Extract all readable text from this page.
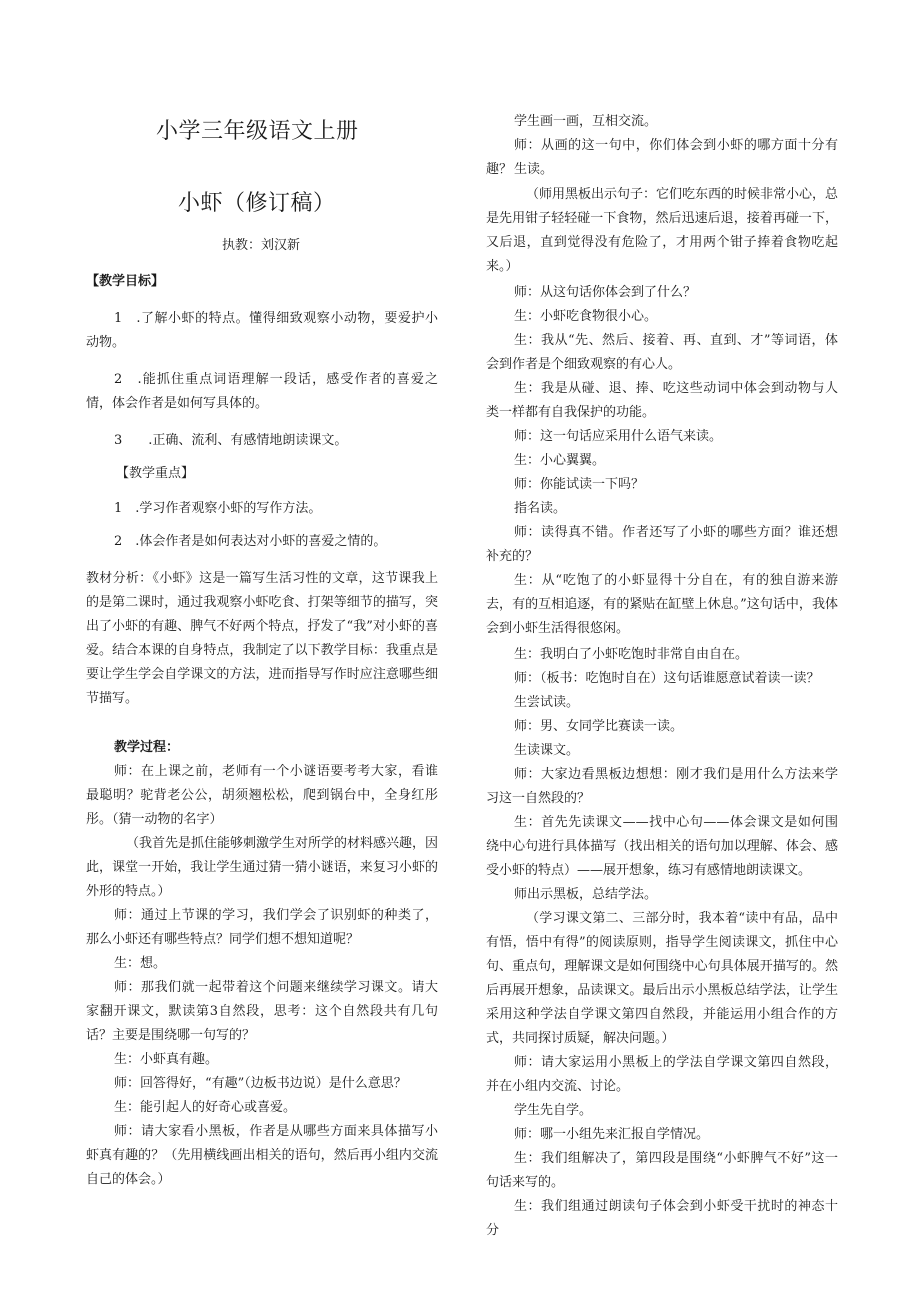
小学三年级语文上册
小虾（修订稿）

执教：刘汉新

【教学目标】

1　.了解小虾的特点。懂得细致观察小动物，要爱护小动物。

2　.能抓住重点词语理解一段话，感受作者的喜爱之情，体会作者是如何写具体的。

3　　.正确、流利、有感情地朗读课文。

【教学重点】

1　.学习作者观察小虾的写作方法。

2　.体会作者是如何表达对小虾的喜爱之情的。

教材分析：《小虾》这是一篇写生活习性的文章，这节课我上的是第二课时，通过我观察小虾吃食、打架等细节的描写，突出了小虾的有趣、脾气不好两个特点，抒发了“我”对小虾的喜爱。结合本课的自身特点，我制定了以下教学目标：我重点是要让学生学会自学课文的方法，进而指导写作时应注意哪些细节描写。

教学过程：

师：在上课之前，老师有一个小谜语要考考大家，看谁最聪明？驼背老公公，胡须翘松松，爬到锅台中，全身红彤彤。（猜一动物的名字）

（我首先是抓住能够刺激学生对所学的材料感兴趣，因此，课堂一开始，我让学生通过猜一猜小谜语，来复习小虾的外形的特点。）

师：通过上节课的学习，我们学会了识别虾的种类了，那么小虾还有哪些特点？同学们想不想知道呢？

生：想。

师：那我们就一起带着这个问题来继续学习课文。请大家翻开课文，默读第3自然段，思考：这个自然段共有几句话？主要是围绕哪一句写的？

生：小虾真有趣。

师：回答得好，“有趣”（边板书边说）是什么意思？

生：能引起人的好奇心或喜爱。

师：请大家看小黑板，作者是从哪些方面来具体描写小虾真有趣的？（先用横线画出相关的语句，然后再小组内交流自己的体会。）

学生画一画，互相交流。

师：从画的这一句中，你们体会到小虾的哪方面十分有趣？ 生读。

（师用黑板出示句子：它们吃东西的时候非常小心，总是先用钳子轻轻碰一下食物，然后迅速后退，接着再碰一下，又后退，直到觉得没有危险了，才用两个钳子捧着食物吃起来。）

师：从这句话你体会到了什么？

生：小虾吃食物很小心。

生：我从“先、然后、接着、再、直到、才”等词语，体会到作者是个细致观察的有心人。

生：我是从碰、退、捧、吃这些动词中体会到动物与人类一样都有自我保护的功能。

师：这一句话应采用什么语气来读。

生：小心翼翼。

师：你能试读一下吗？

指名读。

师：读得真不错。作者还写了小虾的哪些方面？谁还想补充的？

生：从“吃饱了的小虾显得十分自在，有的独自游来游去，有的互相追逐，有的紧贴在缸壁上休息。”这句话中，我体会到小虾生活得很悠闲。

生：我明白了小虾吃饱时非常自由自在。

师：（板书：吃饱时自在）这句话谁愿意试着读一读？

生尝试读。

师：男、女同学比赛读一读。

生读课文。

师：大家边看黑板边想想：刚才我们是用什么方法来学习这一自然段的？

生：首先先读课文——找中心句——体会课文是如何围绕中心句进行具体描写（找出相关的语句加以理解、体会、感受小虾的特点）——展开想象，练习有感情地朗读课文。

师出示黑板，总结学法。

（学习课文第二、三部分时，我本着“读中有品，品中有悟，悟中有得”的阅读原则，指导学生阅读课文，抓住中心句、重点句，理解课文是如何围绕中心句具体展开描写的。然后再展开想象，品读课文。最后出示小黑板总结学法，让学生采用这种学法自学课文第四自然段，并能运用小组合作的方式，共同探讨质疑，解决问题。）

师：请大家运用小黑板上的学法自学课文第四自然段，并在小组内交流、讨论。

学生先自学。

师：哪一小组先来汇报自学情况。

生：我们组解决了，第四段是围绕“小虾脾气不好”这一句话来写的。

生：我们组通过朗读句子体会到小虾受干扰时的神态十分
